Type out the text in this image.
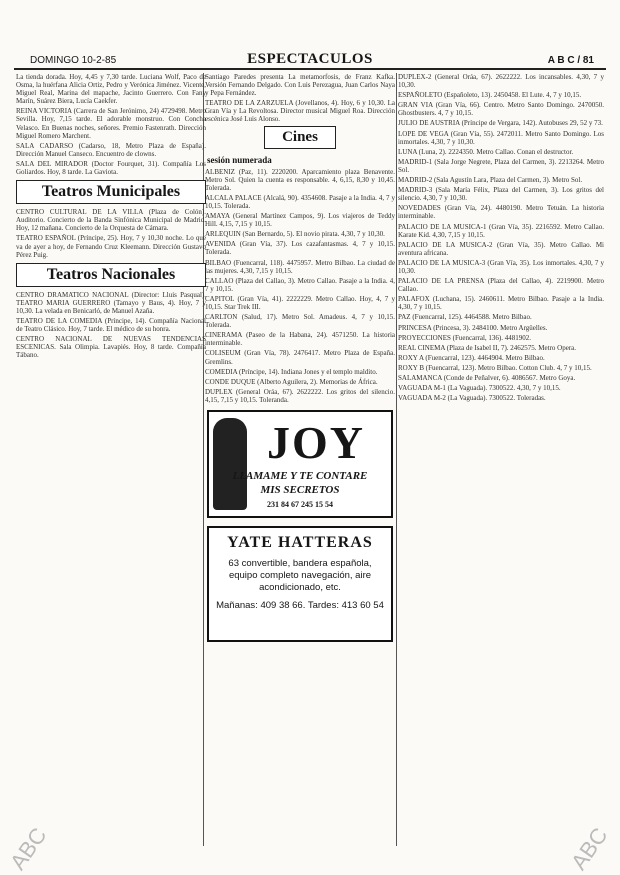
DOMINGO 10-2-85	ESPECTACULOS	A B C / 81
La tienda dorada. Hoy, 4,45 y 7,30 tarde. Luciana Wolf, Paco de Osma, la huérfana Alicia Ortiz, Pedro y Verónica Jiménez. Vicente, Miguel Real, Marina del mapache, Jacinto Guerrero. Con Fany Marín, Suárez Biera, Lucía Caekfer.
REINA VICTORIA (Carrera de San Jerónimo, 24) 4729498. Metro Sevilla. Hoy, 7,15 tarde. El adorable monstruo. Con Concha Velasco. En Buenas noches, señores. Premio Fastenrath. Dirección Miguel Romero Marchent.
SALA CADARSO (Cadarso, 18, Metro Plaza de España). Dirección Manuel Canseco. Encuentro de clowns.
SALA DEL MIRADOR (Doctor Fourquet, 31). Compañía Los Goliardos. Hoy, 8 tarde. La Gaviota.
Teatros Municipales
CENTRO CULTURAL DE LA VILLA (Plaza de Colón). Auditorio. Concierto de la Banda Sinfónica Municipal de Madrid. Hoy, 12 mañana. Concierto de la Orquesta de Cámara.
TEATRO ESPAÑOL (Príncipe, 25). Hoy, 7 y 10,30 noche. Lo que va de ayer a hoy, de Fernando Cruz Kleemann. Dirección Gustavo Pérez Puig.
Teatros Nacionales
CENTRO DRAMATICO NACIONAL (Director: Lluis Pasqual). TEATRO MARIA GUERRERO (Tamayo y Baus, 4). Hoy, 7 y 10,30. La velada en Benicarló, de Manuel Azaña.
TEATRO DE LA COMEDIA (Príncipe, 14). Compañía Nacional de Teatro Clásico. Hoy, 7 tarde. El médico de su honra.
CENTRO NACIONAL DE NUEVAS TENDENCIAS ESCENICAS. Sala Olimpia. Lavapiés. Hoy, 8 tarde. Compañía Tábano.
Santiago Paredes presenta La metamorfosis, de Franz Kafka. Versión Fernando Delgado. Con Luis Perezagua, Juan Carlos Naya y Pepa Fernández.
TEATRO DE LA ZARZUELA (Jovellanos, 4). Hoy, 6 y 10,30. La Gran Vía y La Revoltosa. Director musical Miguel Roa. Dirección escénica José Luis Alonso.
Cines
sesión numerada
ALBENIZ (Paz, 11). 2220200. Aparcamiento plaza Benavente. Metro Sol. Quien la cuenta es responsable. 4, 6,15, 8,30 y 10,45. Tolerada.
ALCALA PALACE (Alcalá, 90). 4354608. Pasaje a la India. 4, 7 y 10,15. Tolerada.
AMAYA (General Martínez Campos, 9). Los viajeros de Teddy Hill. 4,15, 7,15 y 10,15.
ARLEQUIN (San Bernardo, 5). El novio pirata. 4,30, 7 y 10,30.
AVENIDA (Gran Vía, 37). Los cazafantasmas. 4, 7 y 10,15. Tolerada.
BILBAO (Fuencarral, 118). 4475957. Metro Bilbao. La ciudad de las mujeres. 4,30, 7,15 y 10,15.
CALLAO (Plaza del Callao, 3). Metro Callao. Pasaje a la India. 4, 7 y 10,15.
CAPITOL (Gran Vía, 41). 2222229. Metro Callao. Hoy, 4, 7 y 10,15. Star Trek III.
CARLTON (Salud, 17). Metro Sol. Amadeus. 4, 7 y 10,15. Tolerada.
CINERAMA (Paseo de la Habana, 24). 4571250. La historia interminable.
COLISEUM (Gran Vía, 78). 2476417. Metro Plaza de España. Gremlins.
COMEDIA (Príncipe, 14). Indiana Jones y el templo maldito.
CONDE DUQUE (Alberto Aguilera, 2). Memorias de África.
DUPLEX (General Oráa, 67). 2622222. Los gritos del silencio. 4,15, 7,15 y 10,15. Toleranda.
JOY
LLAMAME Y TE CONTARE
MIS SECRETOS
231 84 67 245 15 54
YATE HATTERAS
63 convertible, bandera española,
equipo completo navegación, aire
acondicionado, etc.
Mañanas: 409 38 66. Tardes: 413 60 54
DUPLEX-2 (General Oráa, 67). 2622222. Los incansables. 4,30, 7 y 10,30.
ESPAÑOLETO (Españoleto, 13). 2450458. El Lute. 4, 7 y 10,15.
GRAN VIA (Gran Vía, 66). Centro. Metro Santo Domingo. 2470050. Ghostbusters. 4, 7 y 10,15.
JULIO DE AUSTRIA (Príncipe de Vergara, 142). Autobuses 29, 52 y 73.
LOPE DE VEGA (Gran Vía, 55). 2472011. Metro Santo Domingo. Los inmortales. 4,30, 7 y 10,30.
LUNA (Luna, 2). 2224350. Metro Callao. Conan el destructor.
MADRID-1 (Sala Jorge Negrete, Plaza del Carmen, 3). 2213264. Metro Sol.
MADRID-2 (Sala Agustín Lara, Plaza del Carmen, 3). Metro Sol.
MADRID-3 (Sala María Félix, Plaza del Carmen, 3). Los gritos del silencio. 4,30, 7 y 10,30.
NOVEDADES (Gran Vía, 24). 4480190. Metro Tetuán. La historia interminable.
PALACIO DE LA MUSICA-1 (Gran Vía, 35). 2216592. Metro Callao. Karate Kid. 4,30, 7,15 y 10,15.
PALACIO DE LA MUSICA-2 (Gran Vía, 35). Metro Callao. Mi aventura africana.
PALACIO DE LA MUSICA-3 (Gran Vía, 35). Los inmortales. 4,30, 7 y 10,30.
PALACIO DE LA PRENSA (Plaza del Callao, 4). 2219900. Metro Callao.
PALAFOX (Luchana, 15). 2460611. Metro Bilbao. Pasaje a la India. 4,30, 7 y 10,15.
PAZ (Fuencarral, 125). 4464588. Metro Bilbao.
PRINCESA (Princesa, 3). 2484100. Metro Argüelles.
PROYECCIONES (Fuencarral, 136). 4481902.
REAL CINEMA (Plaza de Isabel II, 7). 2462575. Metro Opera.
ROXY A (Fuencarral, 123). 4464904. Metro Bilbao.
ROXY B (Fuencarral, 123). Metro Bilbao. Cotton Club. 4, 7 y 10,15.
SALAMANCA (Conde de Peñalver, 6). 4086567. Metro Goya.
VAGUADA M-1 (La Vaguada). 7300522. 4,30, 7 y 10,15.
VAGUADA M-2 (La Vaguada). 7300522. Toleradas.
ABC	ABC
